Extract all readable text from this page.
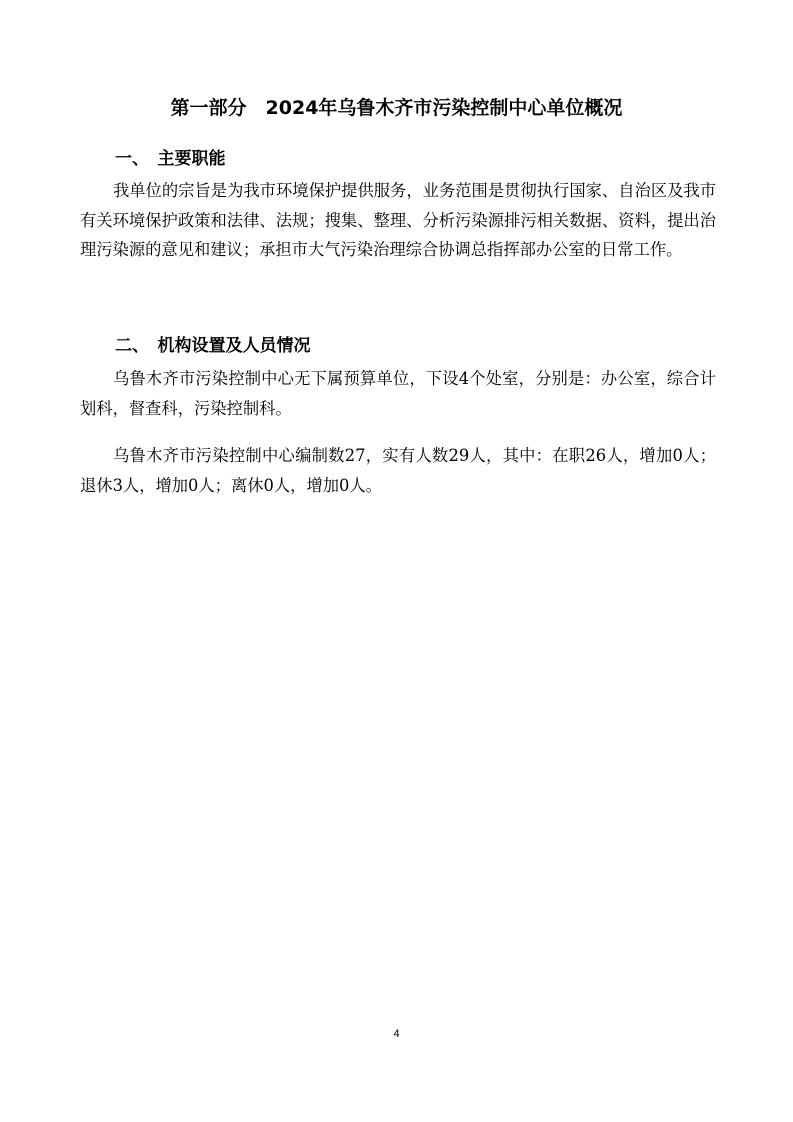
第一部分　2024年乌鲁木齐市污染控制中心单位概况
一、　主要职能

我单位的宗旨是为我市环境保护提供服务，业务范围是贯彻执行国家、自治区及我市有关环境保护政策和法律、法规；搜集、整理、分析污染源排污相关数据、资料，提出治理污染源的意见和建议；承担市大气污染治理综合协调总指挥部办公室的日常工作。

二、　机构设置及人员情况

乌鲁木齐市污染控制中心无下属预算单位，下设4个处室，分别是：办公室，综合计划科，督查科，污染控制科。

乌鲁木齐市污染控制中心编制数27，实有人数29人，其中：在职26人，增加0人；退休3人，增加0人；离休0人，增加0人。

4
